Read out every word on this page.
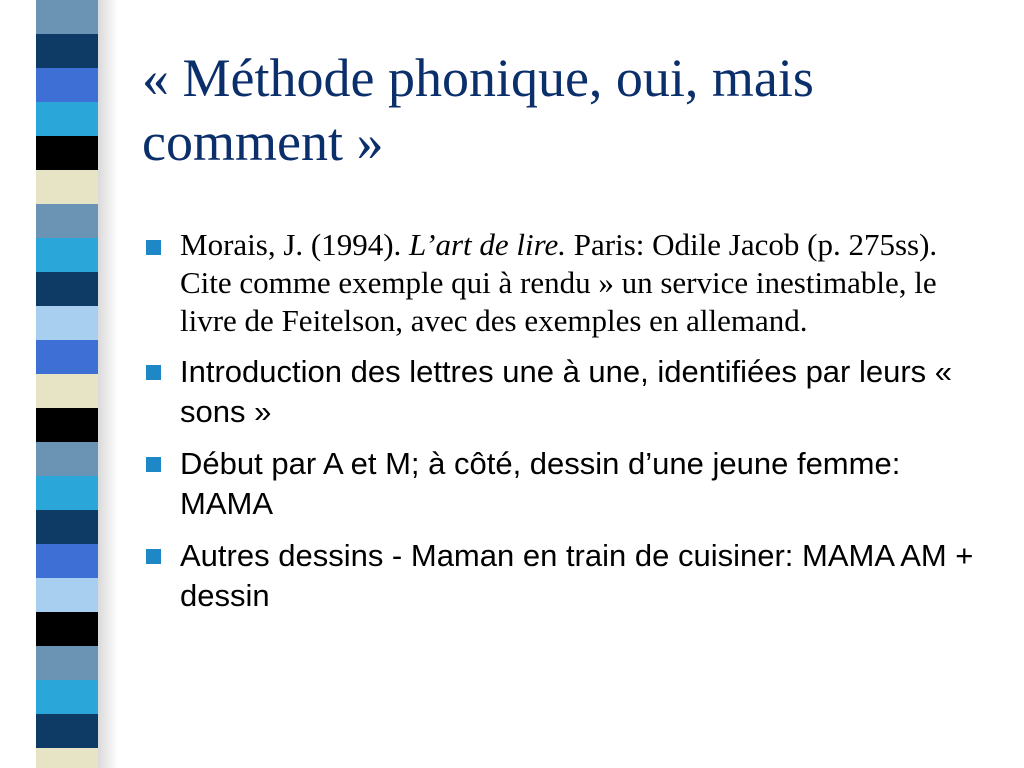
« Méthode phonique, oui, mais comment »
Morais, J. (1994). L’art de lire. Paris: Odile Jacob (p. 275ss). Cite comme exemple qui à rendu » un service inestimable, le livre de Feitelson, avec des exemples en allemand.
Introduction des lettres une à une, identifiées par leurs « sons »
Début par A et M; à côté, dessin d’une jeune femme: MAMA
Autres dessins - Maman en train de cuisiner: MAMA AM + dessin
